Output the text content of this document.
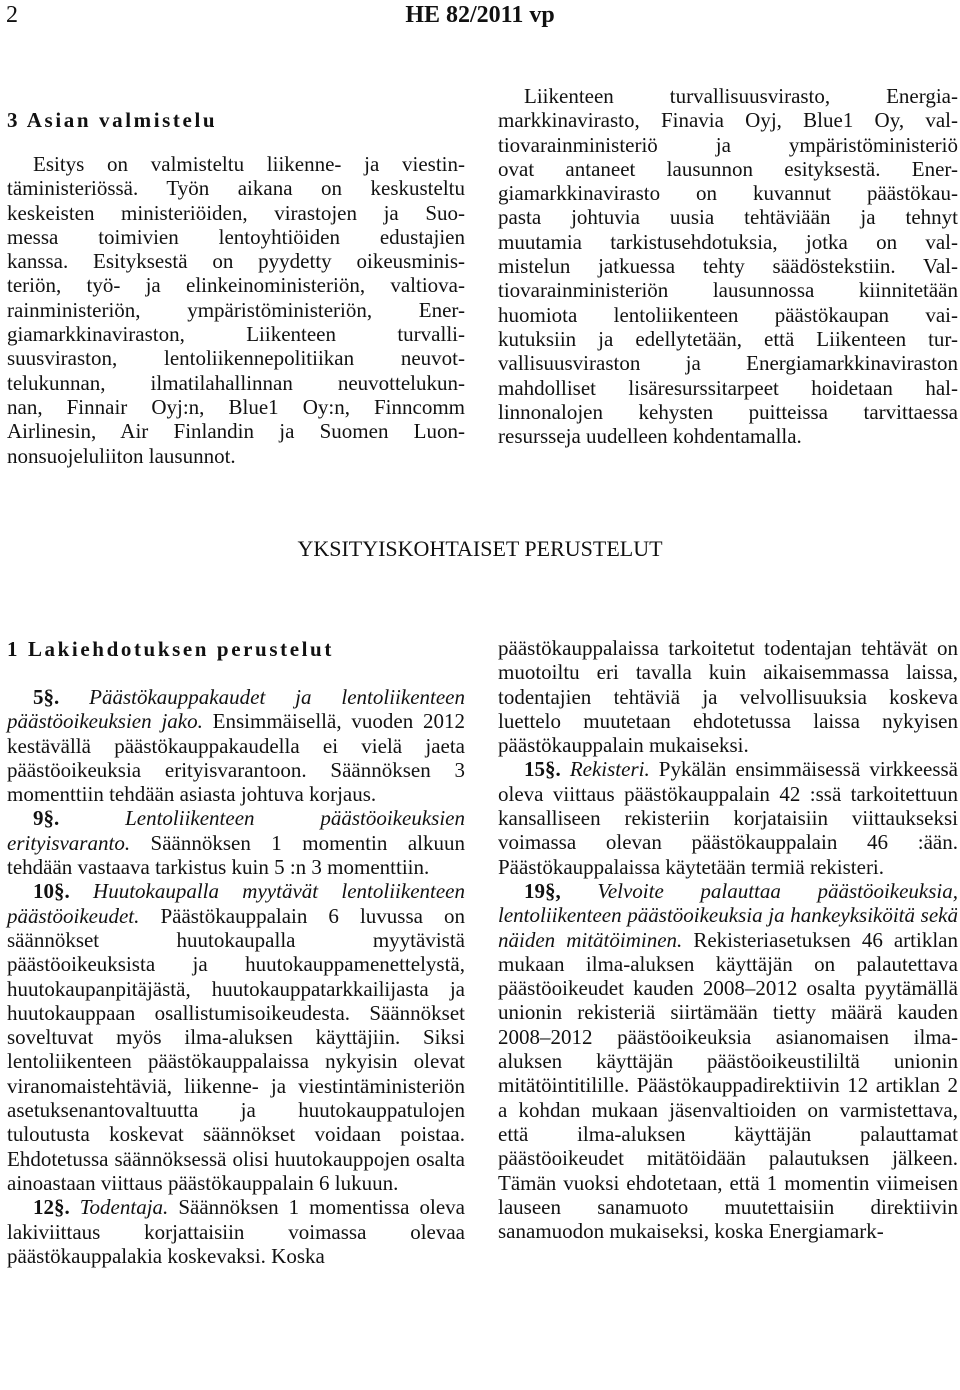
2	HE 82/2011 vp
3 Asian valmistelu
Esitys on valmisteltu liikenne- ja viestin-
täministeriössä. Työn aikana on keskusteltu
keskeisten ministeriöiden, virastojen ja Suo-
messa toimivien lentoyhtiöiden edustajien
kanssa. Esityksestä on pyydetty oikeusminis-
teriön, työ- ja elinkeinoministeriön, valtiova-
rainministeriön, ympäristöministeriön, Ener-
giamarkkinaviraston, Liikenteen turvalli-
suusviraston, lentoliikennepolitiikan neuvot-
telukunnan, ilmatilahallinnan neuvottelukun-
nan, Finnair Oyj:n, Blue1 Oy:n, Finncomm
Airlinesin, Air Finlandin ja Suomen Luon-
nonsuojeluliiton lausunnot.
Liikenteen turvallisuusvirasto, Energia-
markkinavirasto, Finavia Oyj, Blue1 Oy, val-
tiovarainministeriö ja ympäristöministeriö
ovat antaneet lausunnon esityksestä. Ener-
giamarkkinavirasto on kuvannut päästökau-
pasta johtuvia uusia tehtäviään ja tehnyt
muutamia tarkistusehdotuksia, jotka on val-
mistelun jatkuessa tehty säädöstekstiin. Val-
tiovarainministeriön lausunnossa kiinnitetään
huomiota lentoliikenteen päästökaupan vai-
kutuksiin ja edellytetään, että Liikenteen tur-
vallisuusviraston ja Energiamarkkinaviraston
mahdolliset lisäresurssitarpeet hoidetaan hal-
linnonalojen kehysten puitteissa tarvittaessa
resursseja uudelleen kohdentamalla.
YKSITYISKOHTAISET PERUSTELUT
1 Lakiehdotuksen perustelut

5§. Päästökauppakaudet ja lentoliikenteen päästöoikeuksien jako. Ensimmäisellä, vuoden 2012 kestävällä päästökauppakaudella ei vielä jaeta päästöoikeuksia erityisvarantoon. Säännöksen 3 momenttiin tehdään asiasta johtuva korjaus.

9§.	Lentoliikenteen päästöoikeuksien erityisvaranto. Säännöksen 1 momentin alkuun tehdään vastaava tarkistus kuin 5 :n 3 momenttiin.

10§. Huutokaupalla myytävät lentoliikenteen päästöoikeudet. Päästökauppalain 6 luvussa on säännökset huutokaupalla myytävistä päästöoikeuksista ja huutokauppamenettelystä, huutokaupanpitäjästä, huutokauppatarkkailijasta ja huutokauppaan osallistumisoikeudesta. Säännökset soveltuvat myös ilma-aluksen käyttäjiin. Siksi lentoliikenteen päästökauppalaissa nykyisin olevat viranomaistehtäviä, liikenne- ja viestintäministeriön asetuksenantovaltuutta ja huutokauppatulojen tuloutusta koskevat säännökset voidaan poistaa. Ehdotetussa säännöksessä olisi huutokauppojen osalta ainoastaan viittaus päästökauppalain 6 lukuun.

12§. Todentaja. Säännöksen 1 momentissa oleva lakiviittaus korjattaisiin voimassa olevaa päästökauppalakia koskevaksi. Koska

päästökauppalaissa tarkoitetut todentajan tehtävät on muotoiltu eri tavalla kuin aikaisemmassa laissa, todentajien tehtäviä ja velvollisuuksia koskeva luettelo muutetaan ehdotetussa laissa nykyisen päästökauppalain mukaiseksi.

15§. Rekisteri. Pykälän ensimmäisessä virkkeessä oleva viittaus päästökauppalain 42 :ssä tarkoitettuun kansalliseen rekisteriin korjataisiin viittaukseksi voimassa olevan päästökauppalain 46 :ään. Päästökauppalaissa käytetään termiä rekisteri.

19§, Velvoite palauttaa päästöoikeuksia, lentoliikenteen päästöoikeuksia ja hankeyksiköitä sekä näiden mitätöiminen. Rekisteriasetuksen 46 artiklan mukaan ilma-aluksen käyttäjän on palautettava päästöoikeudet kauden 2008–2012 osalta pyytämällä unionin rekisteriä siirtämään tietty määrä kauden 2008–2012 päästöoikeuksia asianomaisen ilma-aluksen käyttäjän päästöoikeustililtä unionin mitätöintitilille. Päästökauppadirektiivin 12 artiklan 2 a kohdan mukaan jäsenvaltioiden on varmistettava, että ilma-aluksen käyttäjän palauttamat päästöoikeudet mitätöidään palautuksen jälkeen. Tämän vuoksi ehdotetaan, että 1 momentin viimeisen lauseen sanamuoto muutettaisiin direktiivin sanamuodon mukaiseksi, koska Energiamark-
